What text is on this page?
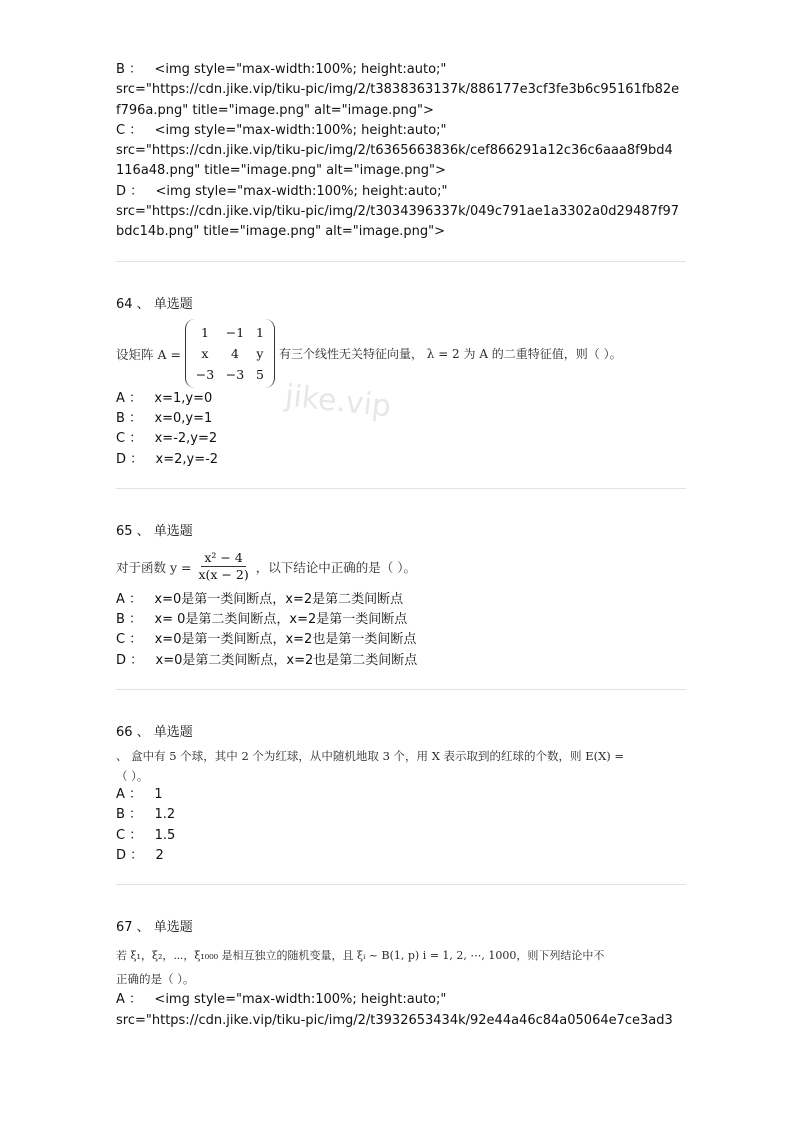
jike.vip
B ：   <img style="max-width:100%; height:auto;"
src="https://cdn.jike.vip/tiku-pic/img/2/t3838363137k/886177e3cf3fe3b6c95161fb82e
f796a.png" title="image.png" alt="image.png">
C ：   <img style="max-width:100%; height:auto;"
src="https://cdn.jike.vip/tiku-pic/img/2/t6365663836k/cef866291a12c36c6aaa8f9bd4
116a48.png" title="image.png" alt="image.png">
D ：   <img style="max-width:100%; height:auto;"
src="https://cdn.jike.vip/tiku-pic/img/2/t3034396337k/049c791ae1a3302a0d29487f97
bdc14b.png" title="image.png" alt="image.png">
64 、 单选题
设矩阵 A =
1	−1 1
x	4	y
−3 −3 5
有三个线性无关特征向量， λ = 2 为 A 的二重特征值，则（ ）。
A ：   x=1,y=0
B ：   x=0,y=1
C ：   x=-2,y=2
D ：   x=2,y=-2
65 、 单选题
对于函数 $y = \frac{\text{x² − 4}}{x(x - 2)}$ ，以下结论中正确的是（ ）。
A ：   x=0是第一类间断点，x=2是第二类间断点
B ：   x= 0是第二类间断点，x=2是第一类间断点
C ：   x=0是第一类间断点，x=2也是第一类间断点
D ：   x=0是第二类间断点，x=2也是第二类间断点
66 、 单选题
、 盒中有 5 个球，其中 2 个为红球，从中随机地取 3 个，用 X 表示取到的红球的个数，则 E(X) =
（ ）。
A ：   1
B ：   1.2
C ：   1.5
D ：   2
67 、 单选题
若 ξ₁，ξ₂，⋯，ξ₁₀₀₀ 是相互独立的随机变量，且 ξᵢ ~ B(1, p) i = 1, 2, ⋯, 1000，则下列结论中不
正确的是（ ）。
A ：   <img style="max-width:100%; height:auto;"
src="https://cdn.jike.vip/tiku-pic/img/2/t3932653434k/92e44a46c84a05064e7ce3ad3
